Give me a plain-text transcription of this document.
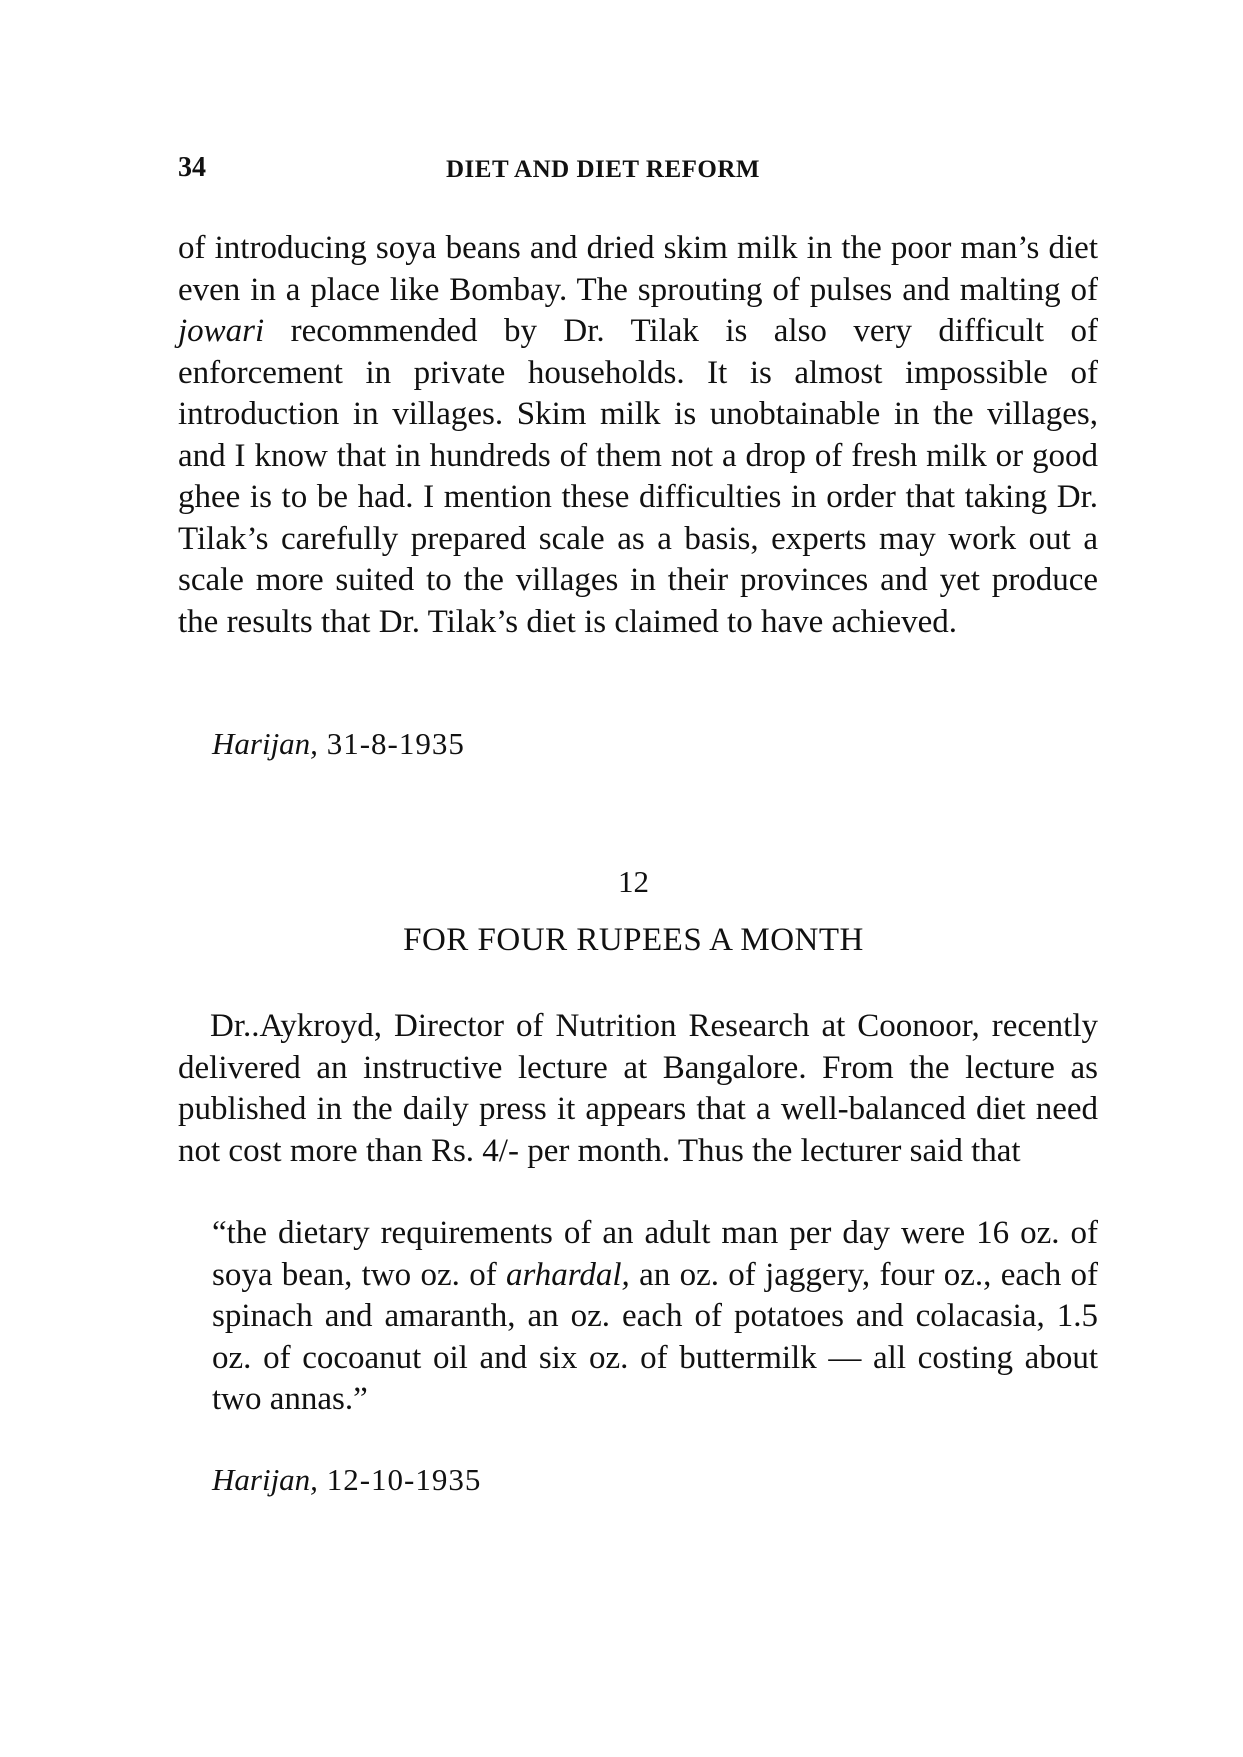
34	DIET AND DIET REFORM

of introducing soya beans and dried skim milk in the poor man’s diet even in a place like Bombay. The sprouting of pulses and malting of jowari recommended by Dr. Tilak is also very difficult of enforcement in private households. It is almost impossible of introduction in villages. Skim milk is unobtainable in the villages, and I know that in hundreds of them not a drop of fresh milk or good ghee is to be had. I mention these difficulties in order that taking Dr. Tilak’s carefully prepared scale as a basis, experts may work out a scale more suited to the villages in their provinces and yet produce the results that Dr. Tilak’s diet is claimed to have achieved.

Harijan, 31-8-1935
12
FOR FOUR RUPEES A MONTH

Dr..Aykroyd, Director of Nutrition Research at Coonoor, recently delivered an instructive lecture at Bangalore. From the lecture as published in the daily press it appears that a well-balanced diet need not cost more than Rs. 4/- per month. Thus the lecturer said that

“the dietary requirements of an adult man per day were 16 oz. of soya bean, two oz. of arhardal, an oz. of jaggery, four oz., each of spinach and amaranth, an oz. each of potatoes and colacasia, 1.5 oz. of cocoanut oil and six oz. of buttermilk — all costing about two annas.”

Harijan, 12-10-1935
